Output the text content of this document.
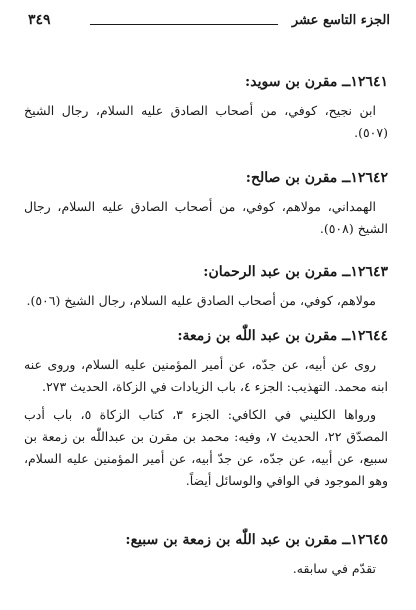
الجزء التاسع عشر
٣٤٩
١٢٦٤١ــ مقرن بن سويد:
ابن نجيح، كوفي، من أصحاب الصادق عليه السلام، رجال الشيخ (٥٠٧).
١٢٦٤٢ــ مقرن بن صالح:
الهمداني، مولاهم، كوفي، من أصحاب الصادق عليه السلام، رجال الشيخ (٥٠٨).
١٢٦٤٣ــ مقرن بن عبد الرحمان:
مولاهم، كوفي، من أصحاب الصادق عليه السلام، رجال الشيخ (٥٠٦).
١٢٦٤٤ــ مقرن بن عبد اللّٰه بن زمعة:
روى عن أبيه، عن جدّه، عن أمير المؤمنين عليه السلام، وروى عنه ابنه محمد. التهذيب: الجزء ٤، باب الزيادات في الزكاة، الحديث ٢٧٣.
ورواها الكليني في الكافي: الجزء ٣، كتاب الزكاة ٥، باب أدب المصدّق ٢٢، الحديث ٧، وفيه: محمد بن مقرن بن عبداللّٰه بن زمعة بن سبيع، عن أبيه، عن جدّه، عن جدّ أبيه، عن أمير المؤمنين عليه السلام، وهو الموجود في الوافي والوسائل أيضاً.
١٢٦٤٥ــ مقرن بن عبد اللّٰه بن زمعة بن سبيع:
تقدّم في سابقه.
